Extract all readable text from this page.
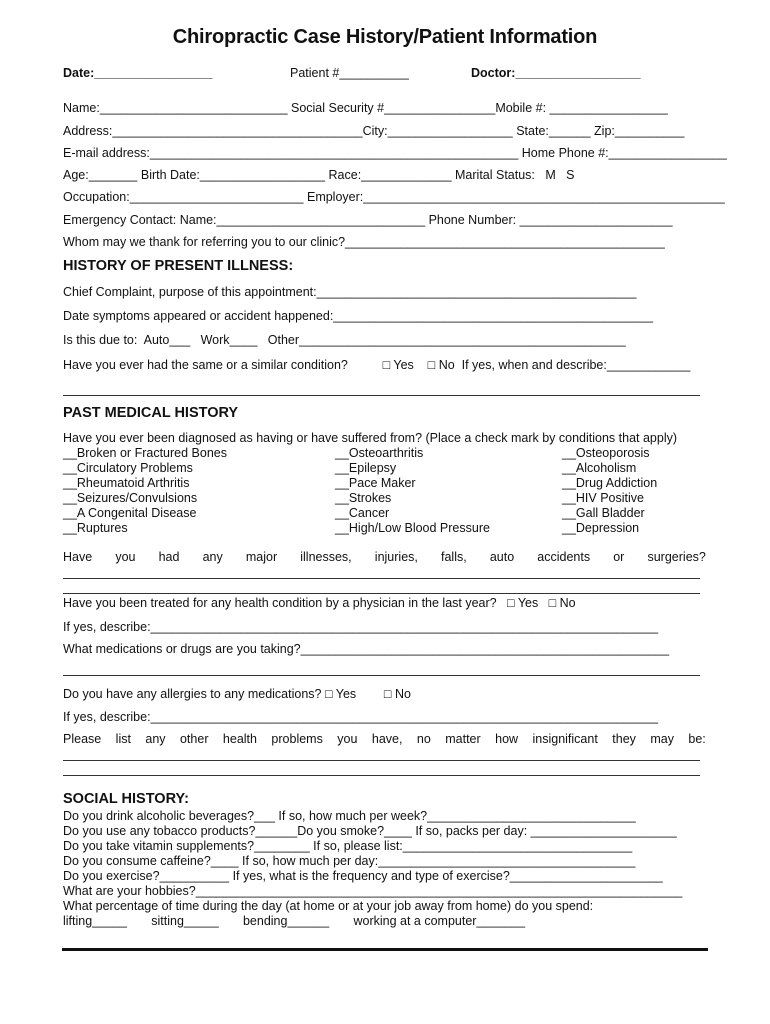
Chiropractic Case History/Patient Information
Date:_________________	Patient #__________	Doctor:__________________
Name:___________________________ Social Security #________________Mobile #: _________________
Address:____________________________________City:__________________ State:______ Zip:__________
E-mail address:_____________________________________________________ Home Phone #:_________________
Age:_______ Birth Date:__________________ Race:_____________ Marital Status:   M   S
Occupation:_________________________ Employer:____________________________________________________
Emergency Contact: Name:______________________________ Phone Number: ______________________
Whom may we thank for referring you to our clinic?______________________________________________
HISTORY OF PRESENT ILLNESS:
Chief Complaint, purpose of this appointment:______________________________________________
Date symptoms appeared or accident happened:______________________________________________
Is this due to:  Auto___   Work____   Other_______________________________________________
Have you ever had the same or a similar condition?          □ Yes    □ No  If yes, when and describe:____________
PAST MEDICAL HISTORY
Have you ever been diagnosed as having or have suffered from? (Place a check mark by conditions that apply)
__Broken or Fractured Bones
__Circulatory Problems
__Rheumatoid Arthritis
__Seizures/Convulsions
__A Congenital Disease
__Ruptures
__Osteoarthritis
__Epilepsy
__Pace Maker
__Strokes
__Cancer
__High/Low Blood Pressure
__Osteoporosis
__Alcoholism
__Drug Addiction
__HIV Positive
__Gall Bladder
__Depression
Have you had any major illnesses, injuries, falls, auto accidents or surgeries?
Have you been treated for any health condition by a physician in the last year?   □ Yes   □ No
If yes, describe:_________________________________________________________________________
What medications or drugs are you taking?_____________________________________________________
Do you have any allergies to any medications? □ Yes        □ No
If yes, describe:_________________________________________________________________________
Please list any other health problems you have, no matter how insignificant they may be:
SOCIAL HISTORY:
Do you drink alcoholic beverages?___ If so, how much per week?______________________________
Do you use any tobacco products?______Do you smoke?____ If so, packs per day: _____________________
Do you take vitamin supplements?________ If so, please list:_________________________________
Do you consume caffeine?____ If so, how much per day:_____________________________________
Do you exercise?__________ If yes, what is the frequency and type of exercise?______________________
What are your hobbies?______________________________________________________________________
What percentage of time during the day (at home or at your job away from home) do you spend:
lifting_____       sitting_____       bending______       working at a computer_______
